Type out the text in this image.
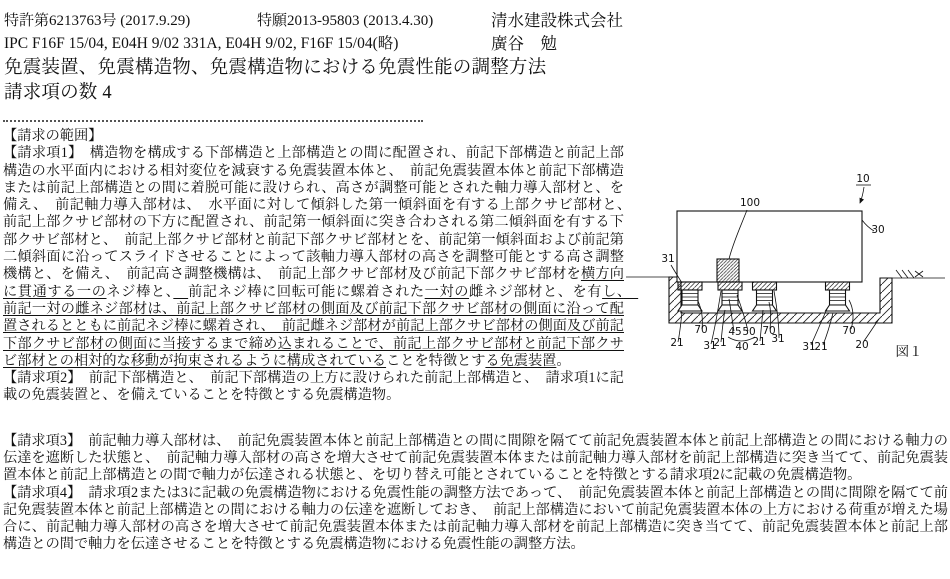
特許第6213763号 (2017.9.29)	特願2013-95803 (2013.4.30)	清水建設株式会社
IPC F16F 15/04, E04H 9/02 331A, E04H 9/02, F16F 15/04(略)	廣谷　勉
免震装置、免震構造物、免震構造物における免震性能の調整方法
請求項の数 4

【請求の範囲】

【請求項1】　構造物を構成する下部構造と上部構造との間に配置され、前記下部構造と前記上部構造の水平面内における相対変位を減衰する免震装置本体と、　前記免震装置本体と前記下部構造または前記上部構造との間に着脱可能に設けられ、高さが調整可能とされた軸力導入部材と、を備え、　前記軸力導入部材は、　水平面に対して傾斜した第一傾斜面を有する上部クサビ部材と、　前記上部クサビ部材の下方に配置され、前記第一傾斜面に突き合わされる第二傾斜面を有する下部クサビ部材と、　前記上部クサビ部材と前記下部クサビ部材とを、前記第一傾斜面および前記第二傾斜面に沿ってスライドさせることによって該軸力導入部材の高さを調整可能とする高さ調整機構と、を備え、　前記高さ調整機構は、　前記上部クサビ部材及び前記下部クサビ部材を横方向に貫通する一のネジ棒と、　 前記ネジ棒に回転可能に螺着された一対の雌ネジ部材と、を有し、　前記一対の雌ネジ部材は、前記上部クサビ部材の側面及び前記下部クサビ部材の側面に沿って配置されるとともに前記ネジ棒に螺着され、　前記雌ネジ部材が前記上部クサビ部材の側面及び前記下部クサビ部材の側面に当接するまで締め込まれることで、前記上部クサビ部材と前記下部クサビ部材との相対的な移動が拘束されるように構成されていることを特徴とする免震装置。

【請求項2】　前記下部構造と、　前記下部構造の上方に設けられた前記上部構造と、　請求項1に記載の免震装置と、を備えていることを特徴とする免震構造物。

【請求項3】　前記軸力導入部材は、　前記免震装置本体と前記上部構造との間に間隙を隔てて前記免震装置本体と前記上部構造との間における軸力の伝達を遮断した状態と、　前記軸力導入部材の高さを増大させて前記免震装置本体または前記軸力導入部材を前記上部構造に突き当てて、前記免震装置本体と前記上部構造との間で軸力が伝達される状態と、を切り替え可能とされていることを特徴とする請求項2に記載の免震構造物。

【請求項4】　請求項2または3に記載の免震構造物における免震性能の調整方法であって、　前記免震装置本体と前記上部構造との間に間隙を隔てて前記免震装置本体と前記上部構造との間における軸力の伝達を遮断しておき、　前記上部構造において前記免震装置本体の上方における荷重が増えた場合に、前記軸力導入部材の高さを増大させて前記免震装置本体または前記軸力導入部材を前記上部構造に突き当てて、前記免震装置本体と前記上部構造との間で軸力を伝達させることを特徴とする免震構造物における免震性能の調整方法。

10
100
30
31
21
70
31
21
45 50
40 21
70
31
31
21
70
20 図１
